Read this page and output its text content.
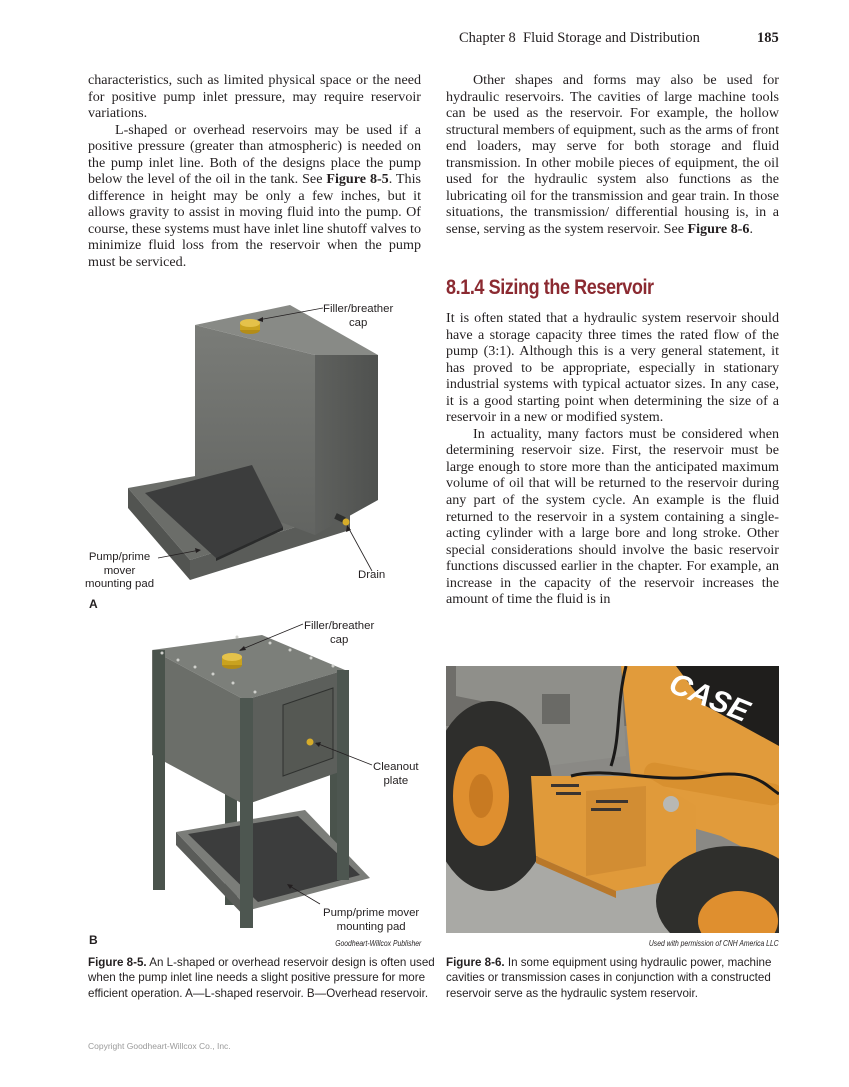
Chapter 8  Fluid Storage and Distribution	185

characteristics, such as limited physical space or the need for positive pump inlet pressure, may require reservoir variations.

L-shaped or overhead reservoirs may be used if a positive pressure (greater than atmospheric) is needed on the pump inlet line. Both of the designs place the pump below the level of the oil in the tank. See Figure 8-5. This difference in height may be only a few inches, but it allows gravity to assist in moving fluid into the pump. Of course, these systems must have inlet line shutoff valves to minimize fluid loss from the reservoir when the pump must be serviced.

Other shapes and forms may also be used for hydraulic reservoirs. The cavities of large machine tools can be used as the reservoir. For example, the hollow structural members of equipment, such as the arms of front end loaders, may serve for both storage and fluid transmission. In other mobile pieces of equipment, the oil used for the hydraulic system also functions as the lubricating oil for the transmission and gear train. In those situations, the transmission/ differential housing is, in a sense, serving as the system reservoir. See Figure 8-6.

8.1.4 Sizing the Reservoir

It is often stated that a hydraulic system reservoir should have a storage capacity three times the rated flow of the pump (3:1). Although this is a very general statement, it has proved to be appropriate, especially in stationary industrial systems with typical actuator sizes. In any case, it is a good starting point when determining the size of a reservoir in a new or modified system.

In actuality, many factors must be considered when determining reservoir size. First, the reservoir must be large enough to store more than the anticipated maximum volume of oil that will be returned to the reservoir during any part of the system cycle. An example is the fluid returned to the reservoir in a system containing a single-acting cylinder with a large bore and long stroke. Other special considerations should involve the basic reservoir functions discussed earlier in the chapter. For example, an increase in the capacity of the reservoir increases the amount of time the fluid is in

Filler/breather
cap
Pump/prime
mover
mounting pad
Drain
A
Filler/breather
cap
Cleanout
plate
Pump/prime mover
mounting pad
B	Goodheart-Willcox Publisher
Figure 8-5. An L-shaped or overhead reservoir design is often used when the pump inlet line needs a slight positive pressure for more efficient operation. A—L-shaped reservoir. B—Overhead reservoir.
CASE
Used with permission of CNH America LLC
Figure 8-6. In some equipment using hydraulic power, machine cavities or transmission cases in conjunction with a constructed reservoir serve as the hydraulic system reservoir.
Copyright Goodheart-Willcox Co., Inc.
